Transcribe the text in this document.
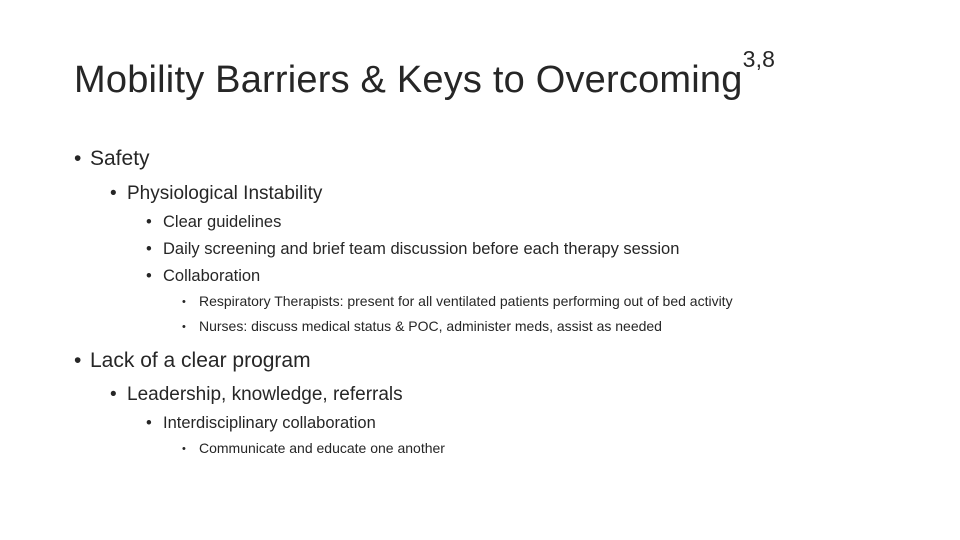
Mobility Barriers & Keys to Overcoming$^{3,8}$
• Safety
• Physiological Instability
• Clear guidelines
• Daily screening and brief team discussion before each therapy session
• Collaboration
• Respiratory Therapists: present for all ventilated patients performing out of bed activity
• Nurses: discuss medical status & POC, administer meds, assist as needed
• Lack of a clear program
• Leadership, knowledge, referrals
• Interdisciplinary collaboration
• Communicate and educate one another
